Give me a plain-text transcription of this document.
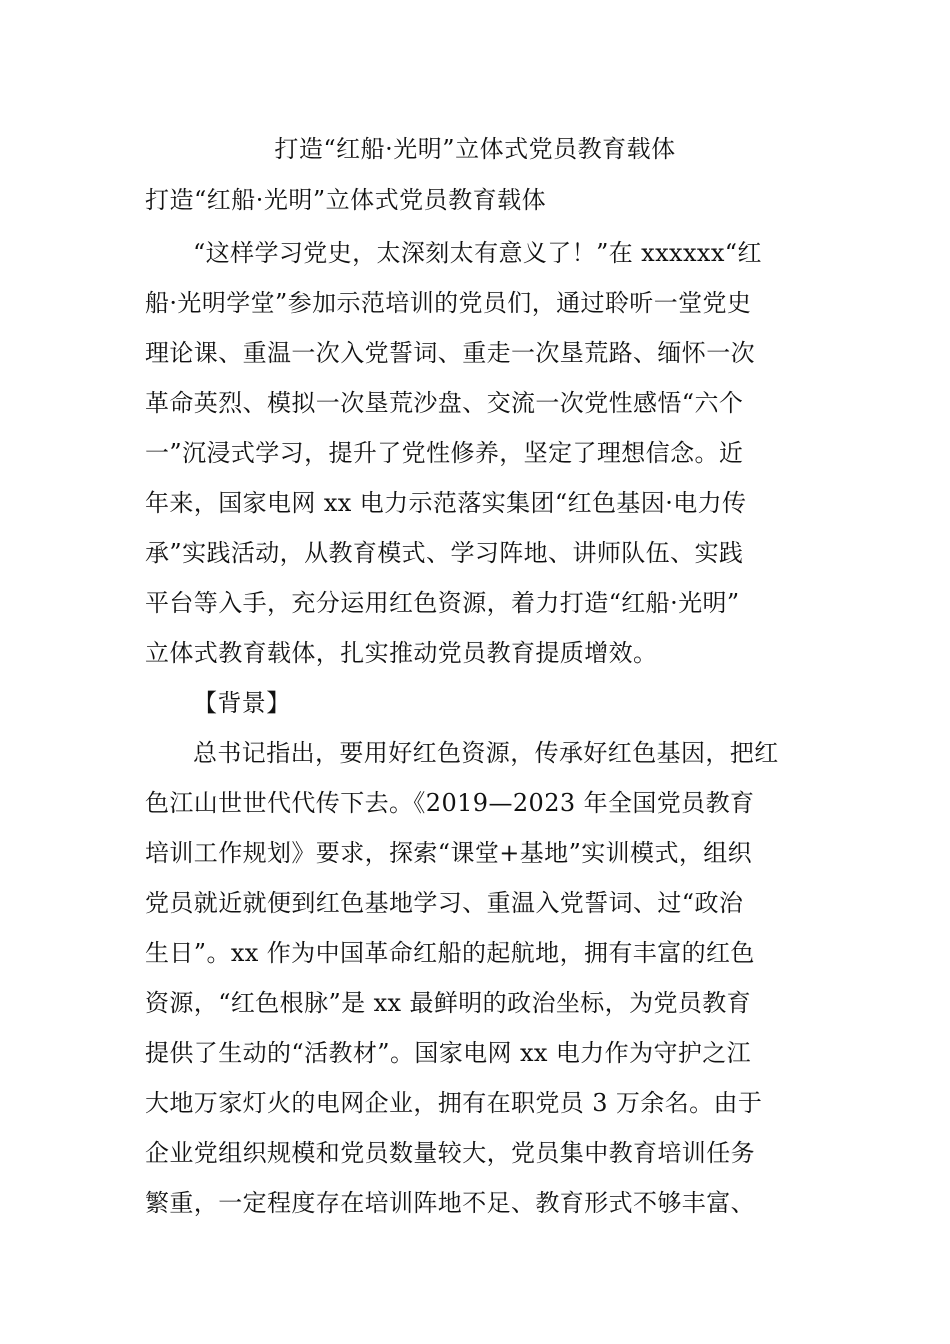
打造“红船·光明”立体式党员教育载体
打造“红船·光明”立体式党员教育载体
“这样学习党史，太深刻太有意义了！”在 xxxxxx“红
船·光明学堂”参加示范培训的党员们，通过聆听一堂党史
理论课、重温一次入党誓词、重走一次垦荒路、缅怀一次
革命英烈、模拟一次垦荒沙盘、交流一次党性感悟“六个
一”沉浸式学习，提升了党性修养，坚定了理想信念。近
年来，国家电网 xx 电力示范落实集团“红色基因·电力传
承”实践活动，从教育模式、学习阵地、讲师队伍、实践
平台等入手，充分运用红色资源，着力打造“红船·光明”
立体式教育载体，扎实推动党员教育提质增效。
【背景】
总书记指出，要用好红色资源，传承好红色基因，把红
色江山世世代代传下去。《2019—2023 年全国党员教育
培训工作规划》要求，探索“课堂+基地”实训模式，组织
党员就近就便到红色基地学习、重温入党誓词、过“政治
生日”。xx 作为中国革命红船的起航地，拥有丰富的红色
资源，“红色根脉”是 xx 最鲜明的政治坐标，为党员教育
提供了生动的“活教材”。国家电网 xx 电力作为守护之江
大地万家灯火的电网企业，拥有在职党员 3 万余名。由于
企业党组织规模和党员数量较大，党员集中教育培训任务
繁重，一定程度存在培训阵地不足、教育形式不够丰富、
